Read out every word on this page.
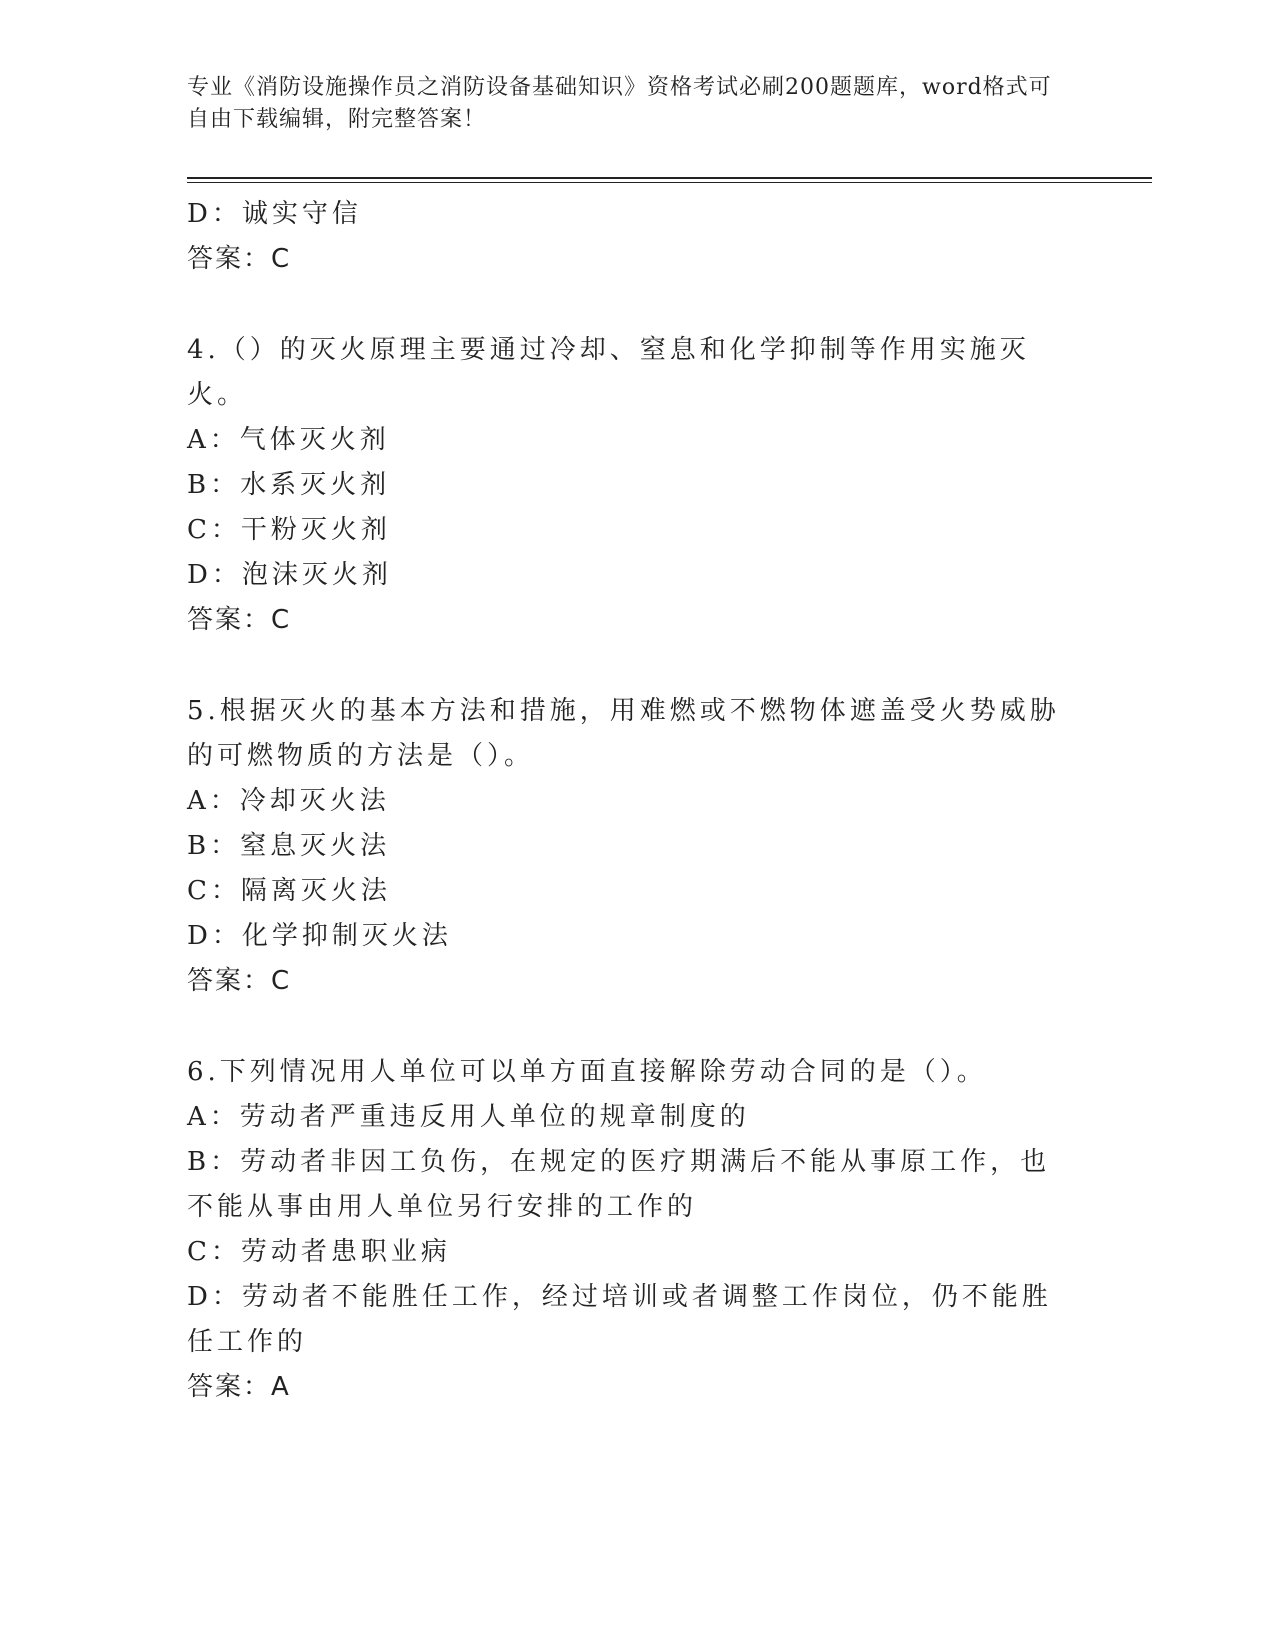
专业《消防设施操作员之消防设备基础知识》资格考试必刷200题题库，word格式可自由下载编辑，附完整答案！
D：诚实守信
答案：C
4.（）的灭火原理主要通过冷却、窒息和化学抑制等作用实施灭火。
A：气体灭火剂
B：水系灭火剂
C：干粉灭火剂
D：泡沫灭火剂
答案：C
5.根据灭火的基本方法和措施，用难燃或不燃物体遮盖受火势威胁的可燃物质的方法是（）。
A：冷却灭火法
B：窒息灭火法
C：隔离灭火法
D：化学抑制灭火法
答案：C
6.下列情况用人单位可以单方面直接解除劳动合同的是（）。
A：劳动者严重违反用人单位的规章制度的
B：劳动者非因工负伤，在规定的医疗期满后不能从事原工作，也不能从事由用人单位另行安排的工作的
C：劳动者患职业病
D：劳动者不能胜任工作，经过培训或者调整工作岗位，仍不能胜任工作的
答案：A
